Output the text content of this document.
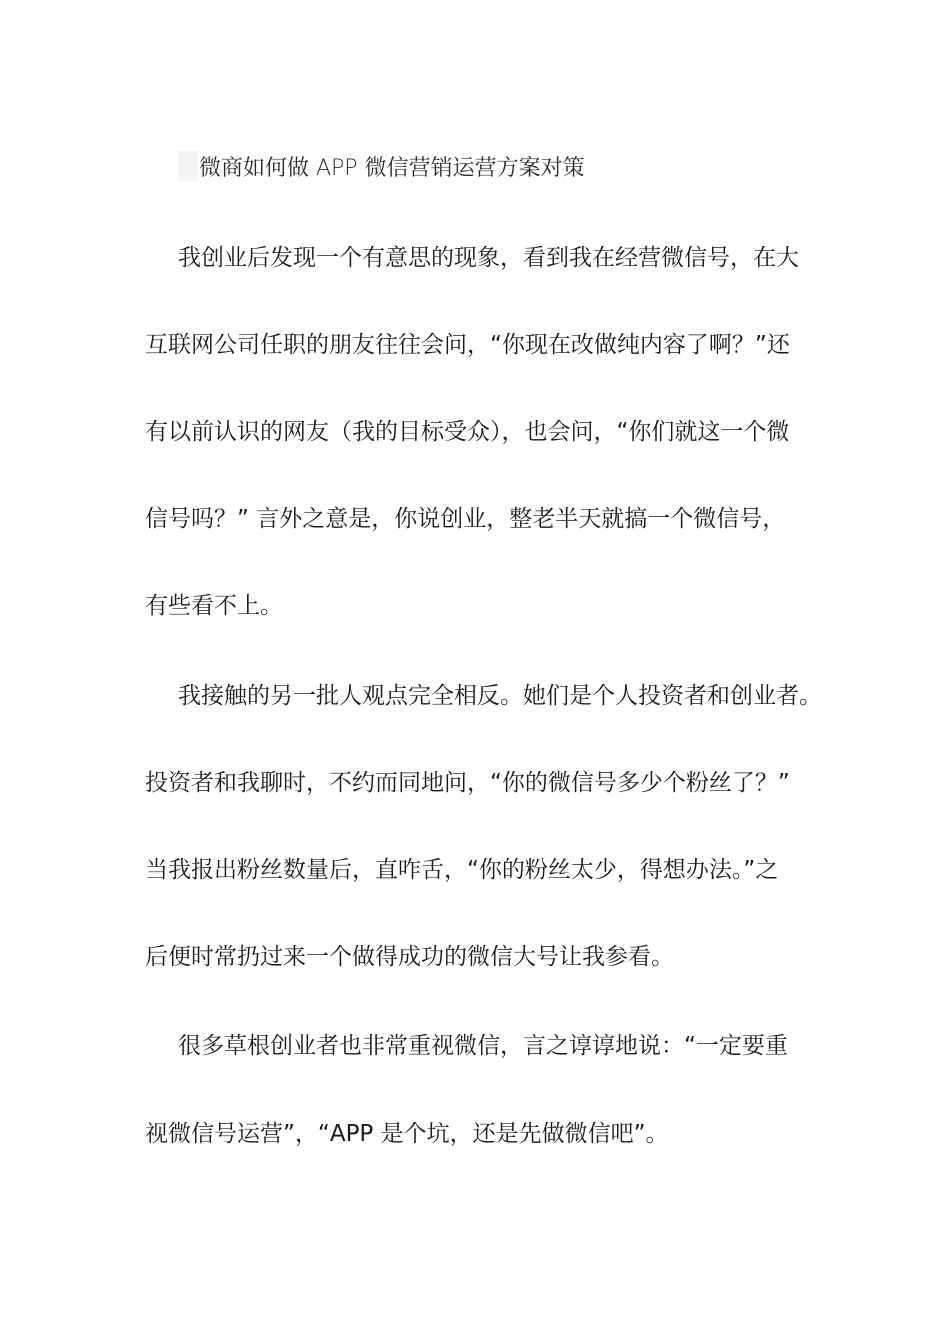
微商如何做 APP 微信营销运营方案对策
我创业后发现一个有意思的现象，看到我在经营微信号，在大
互联网公司任职的朋友往往会问，“你现在改做纯内容了啊？”还
有以前认识的网友（我的目标受众），也会问，“你们就这一个微
信号吗？” 言外之意是，你说创业，整老半天就搞一个微信号，
有些看不上。
我接触的另一批人观点完全相反。她们是个人投资者和创业者。
投资者和我聊时，不约而同地问，“你的微信号多少个粉丝了？”
当我报出粉丝数量后，直咋舌，“你的粉丝太少，得想办法。”之
后便时常扔过来一个做得成功的微信大号让我参看。
很多草根创业者也非常重视微信，言之谆谆地说：“一定要重
视微信号运营”，“APP 是个坑，还是先做微信吧”。
